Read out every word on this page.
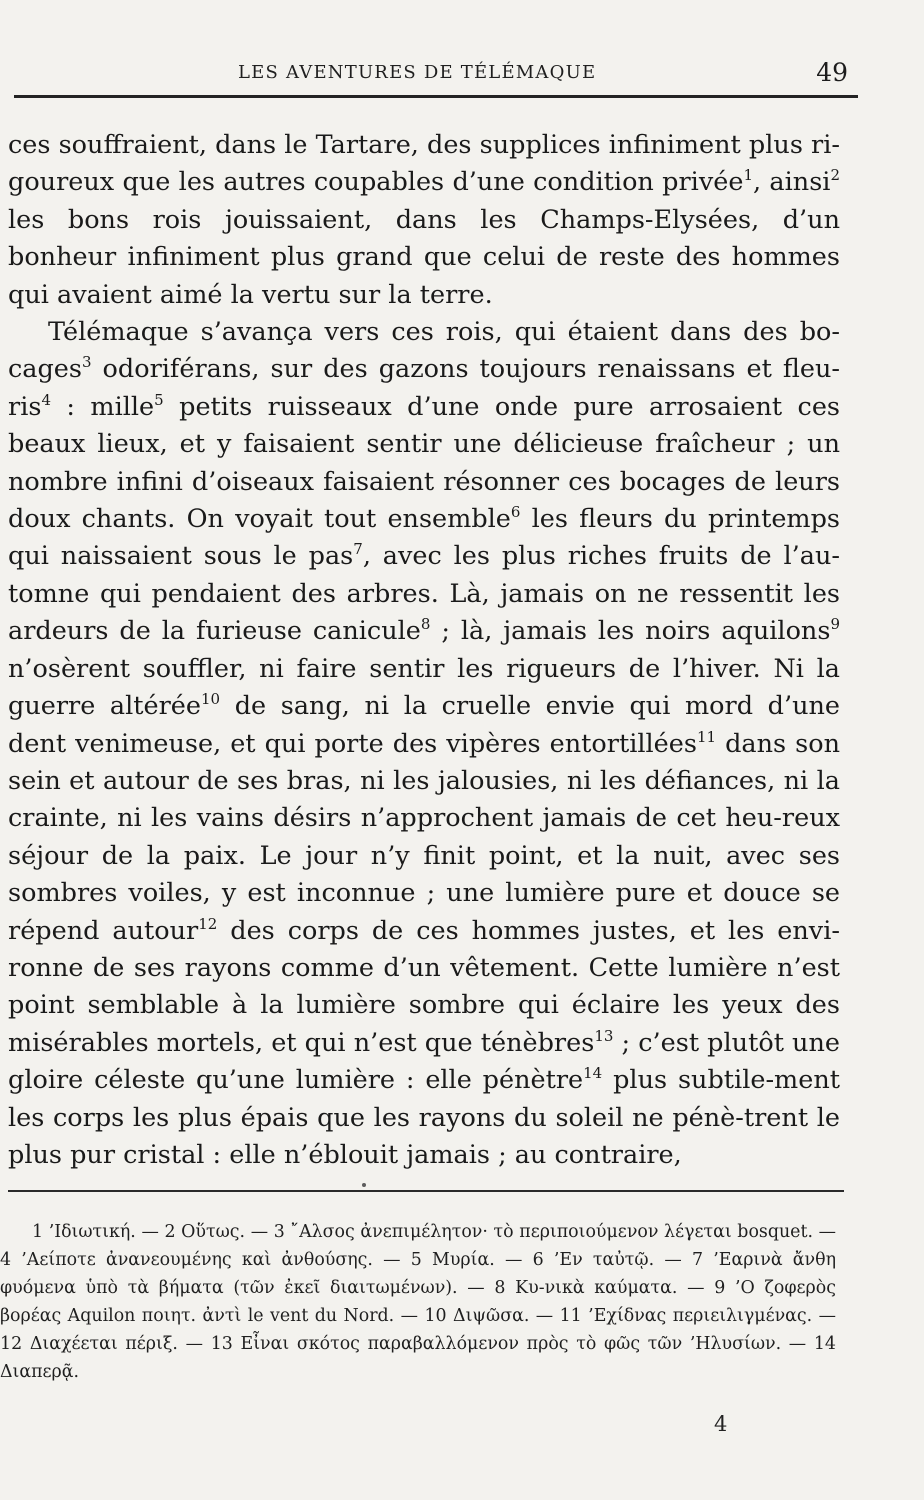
LES AVENTURES DE TÉLÉMAQUE	49

ces souffraient, dans le Tartare, des supplices infiniment plus ri-goureux que les autres coupables d’une condition privée$^1$, ainsi$^2$ les bons rois jouissaient, dans les Champs-Elysées, d’un bonheur infiniment plus grand que celui de reste des hommes qui avaient aimé la vertu sur la terre.

Télémaque s’avança vers ces rois, qui étaient dans des bo-cages$^3$ odoriférans, sur des gazons toujours renaissans et fleu-ris$^4$ : mille$^5$ petits ruisseaux d’une onde pure arrosaient ces beaux lieux, et y faisaient sentir une délicieuse fraîcheur ; un nombre infini d’oiseaux faisaient résonner ces bocages de leurs doux chants. On voyait tout ensemble$^6$ les fleurs du printemps qui naissaient sous le pas$^7$, avec les plus riches fruits de l’au-tomne qui pendaient des arbres. Là, jamais on ne ressentit les ardeurs de la furieuse canicule$^8$ ; là, jamais les noirs aquilons$^9$ n’osèrent souffler, ni faire sentir les rigueurs de l’hiver. Ni la guerre altérée$^{10}$ de sang, ni la cruelle envie qui mord d’une dent venimeuse, et qui porte des vipères entortillées$^{11}$ dans son sein et autour de ses bras, ni les jalousies, ni les défiances, ni la crainte, ni les vains désirs n’approchent jamais de cet heu-reux séjour de la paix. Le jour n’y finit point, et la nuit, avec ses sombres voiles, y est inconnue ; une lumière pure et douce se répend autour$^{12}$ des corps de ces hommes justes, et les envi-ronne de ses rayons comme d’un vêtement. Cette lumière n’est point semblable à la lumière sombre qui éclaire les yeux des misérables mortels, et qui n’est que ténèbres$^{13}$ ; c’est plutôt une gloire céleste qu’une lumière : elle pénètre$^{14}$ plus subtile-ment les corps les plus épais que les rayons du soleil ne pénè-trent le plus pur cristal : elle n’éblouit jamais ; au contraire,

1 ’Ιδιωτική. — 2 Οὕτως. — 3 ῎Αλσος ἀνεπιμέλητον· τὸ περιποιούμενον λέγεται bosquet. — 4 ’Αείποτε ἀνανεουμένης καὶ ἀνθούσης. — 5 Μυρία. — 6 ’Εν ταὐτῷ. — 7 ’Εαρινὰ ἄνθη φυόμενα ὑπὸ τὰ βήματα (τῶν ἐκεῖ διαιτωμένων). — 8 Κυ-νικὰ καύματα. — 9 ’Ο ζοφερὸς βορέας Aquilon ποιητ. ἀντὶ le vent du Nord. — 10 Διψῶσα. — 11 ’Εχίδνας περιειλιγμένας. — 12 Διαχέεται πέριξ. — 13 Εἶναι σκότος παραβαλλόμενον πρὸς τὸ φῶς τῶν ’Ηλυσίων. — 14 Διαπερᾷ.

4
